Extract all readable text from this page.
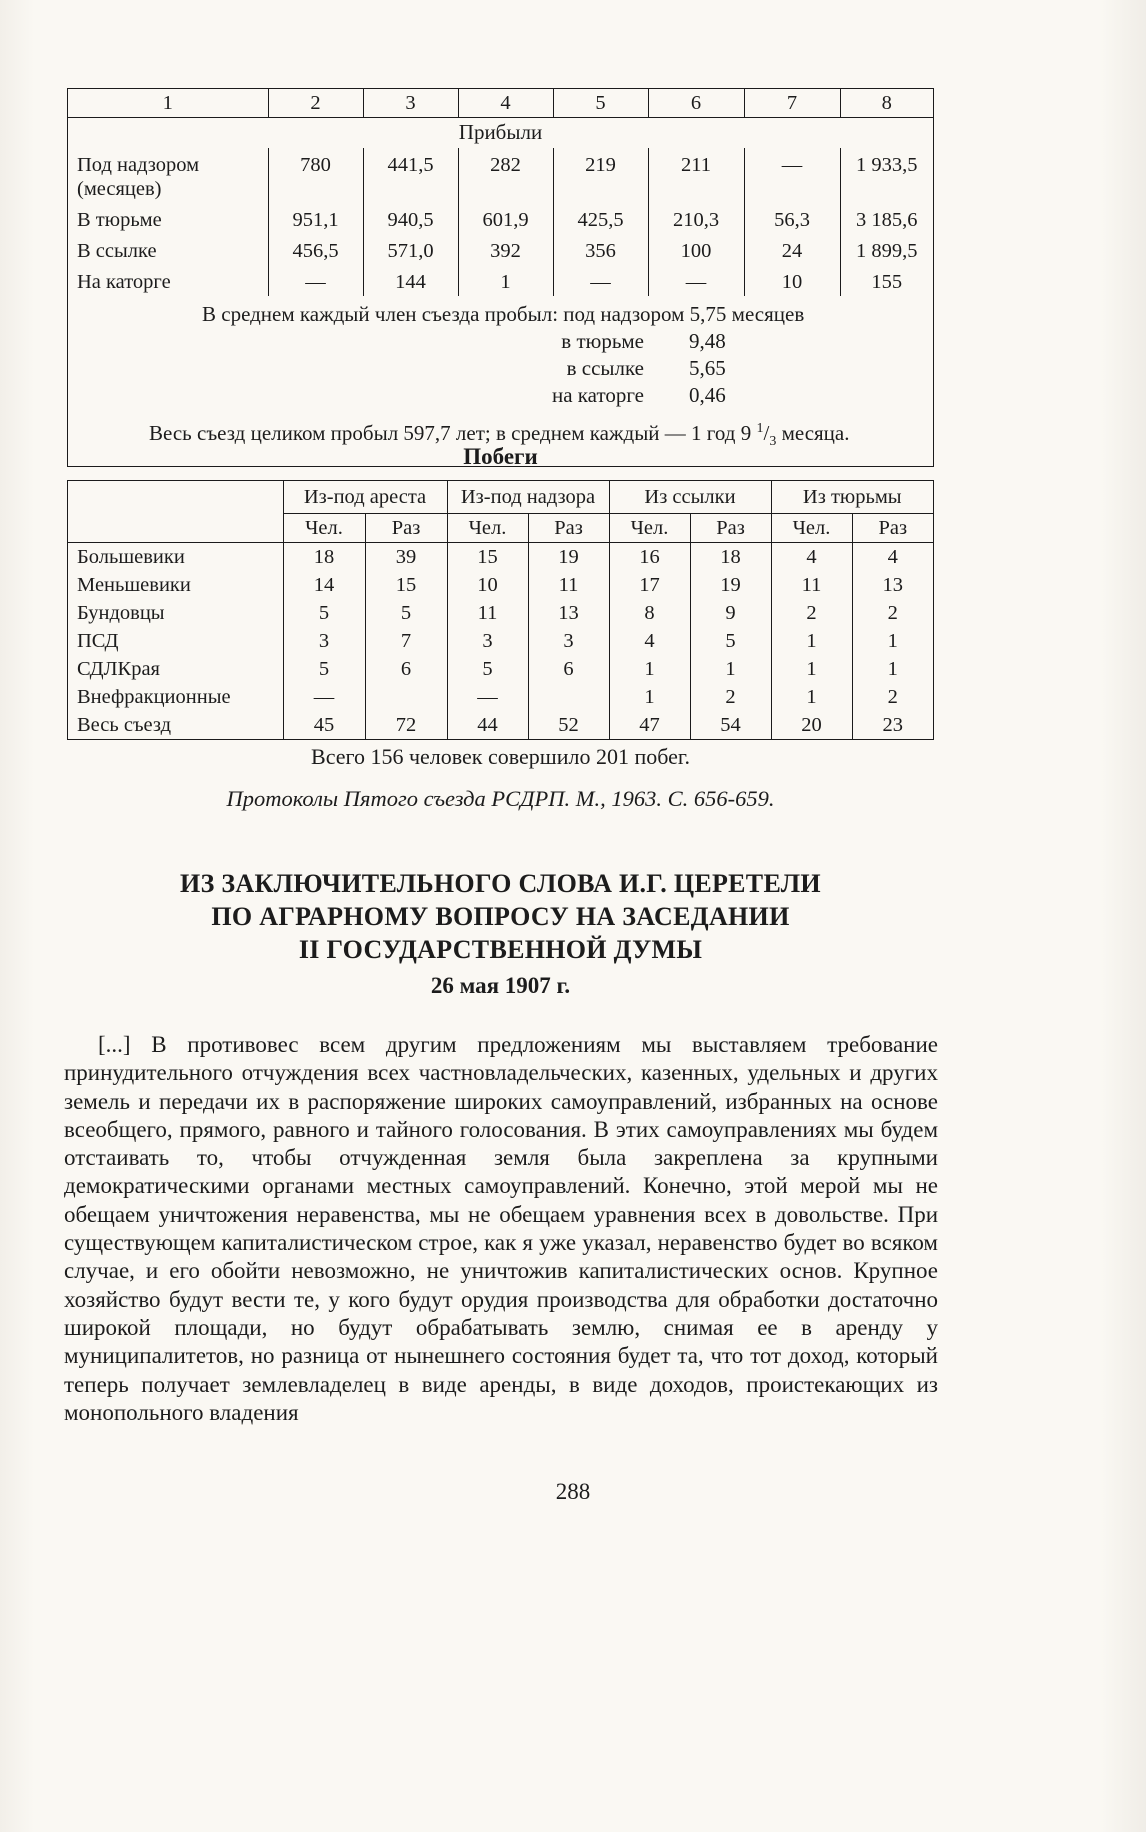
1	2	3	4	5	6	7	8
Прибыли							
Под надзором (месяцев)	780	441,5	282	219	211	—	1 933,5
В тюрьме	951,1	940,5	601,9	425,5	210,3	56,3	3 185,6
В ссылке	456,5	571,0	392	356	100	24	1 899,5
На каторге	—	144	1	—	—	10	155
В среднем каждый член съезда пробыл: под надзором 5,75 месяцев
в тюрьме	9,48
в ссылке	5,65
на каторге	0,46
Весь съезд целиком пробыл 597,7 лет; в среднем каждый — 1 год 9 $^1/_3$ месяца.
Побеги
	Из-под ареста		Из-под надзора		Из ссылки		Из тюрьмы	
	Чел.	Раз	Чел.	Раз	Чел.	Раз	Чел.	Раз
Большевики	18	39	15	19	16	18	4	4
Меньшевики	14	15	10	11	17	19	11	13
Бундовцы	5	5	11	13	8	9	2	2
ПСД	3	7	3	3	4	5	1	1
СДЛКрая	5	6	5	6	1	1	1	1
Внефракционные	—		—		1	2	1	2
Весь съезд	45	72	44	52	47	54	20	23
Всего 156 человек совершило 201 побег.
Протоколы Пятого съезда РСДРП. М., 1963. С. 656-659.
ИЗ ЗАКЛЮЧИТЕЛЬНОГО СЛОВА И.Г. ЦЕРЕТЕЛИ
ПО АГРАРНОМУ ВОПРОСУ НА ЗАСЕДАНИИ
II ГОСУДАРСТВЕННОЙ ДУМЫ
26 мая 1907 г.
[...] В противовес всем другим предложениям мы выставляем требование принудительного отчуждения всех частновладельческих, казенных, удельных и других земель и передачи их в распоряжение широких самоуправлений, избранных на основе всеобщего, прямого, равного и тайного голосования. В этих самоуправлениях мы будем отстаивать то, чтобы отчужденная земля была закреплена за крупными демократическими органами местных самоуправлений. Конечно, этой мерой мы не обещаем уничтожения неравенства, мы не обещаем уравнения всех в довольстве. При существующем капиталистическом строе, как я уже указал, неравенство будет во всяком случае, и его обойти невозможно, не уничтожив капиталистических основ. Крупное хозяйство будут вести те, у кого будут орудия производства для обработки достаточно широкой площади, но будут обрабатывать землю, снимая ее в аренду у муниципалитетов, но разница от нынешнего состояния будет та, что тот доход, который теперь получает землевладелец в виде аренды, в виде доходов, проистекающих из монопольного владения
288
